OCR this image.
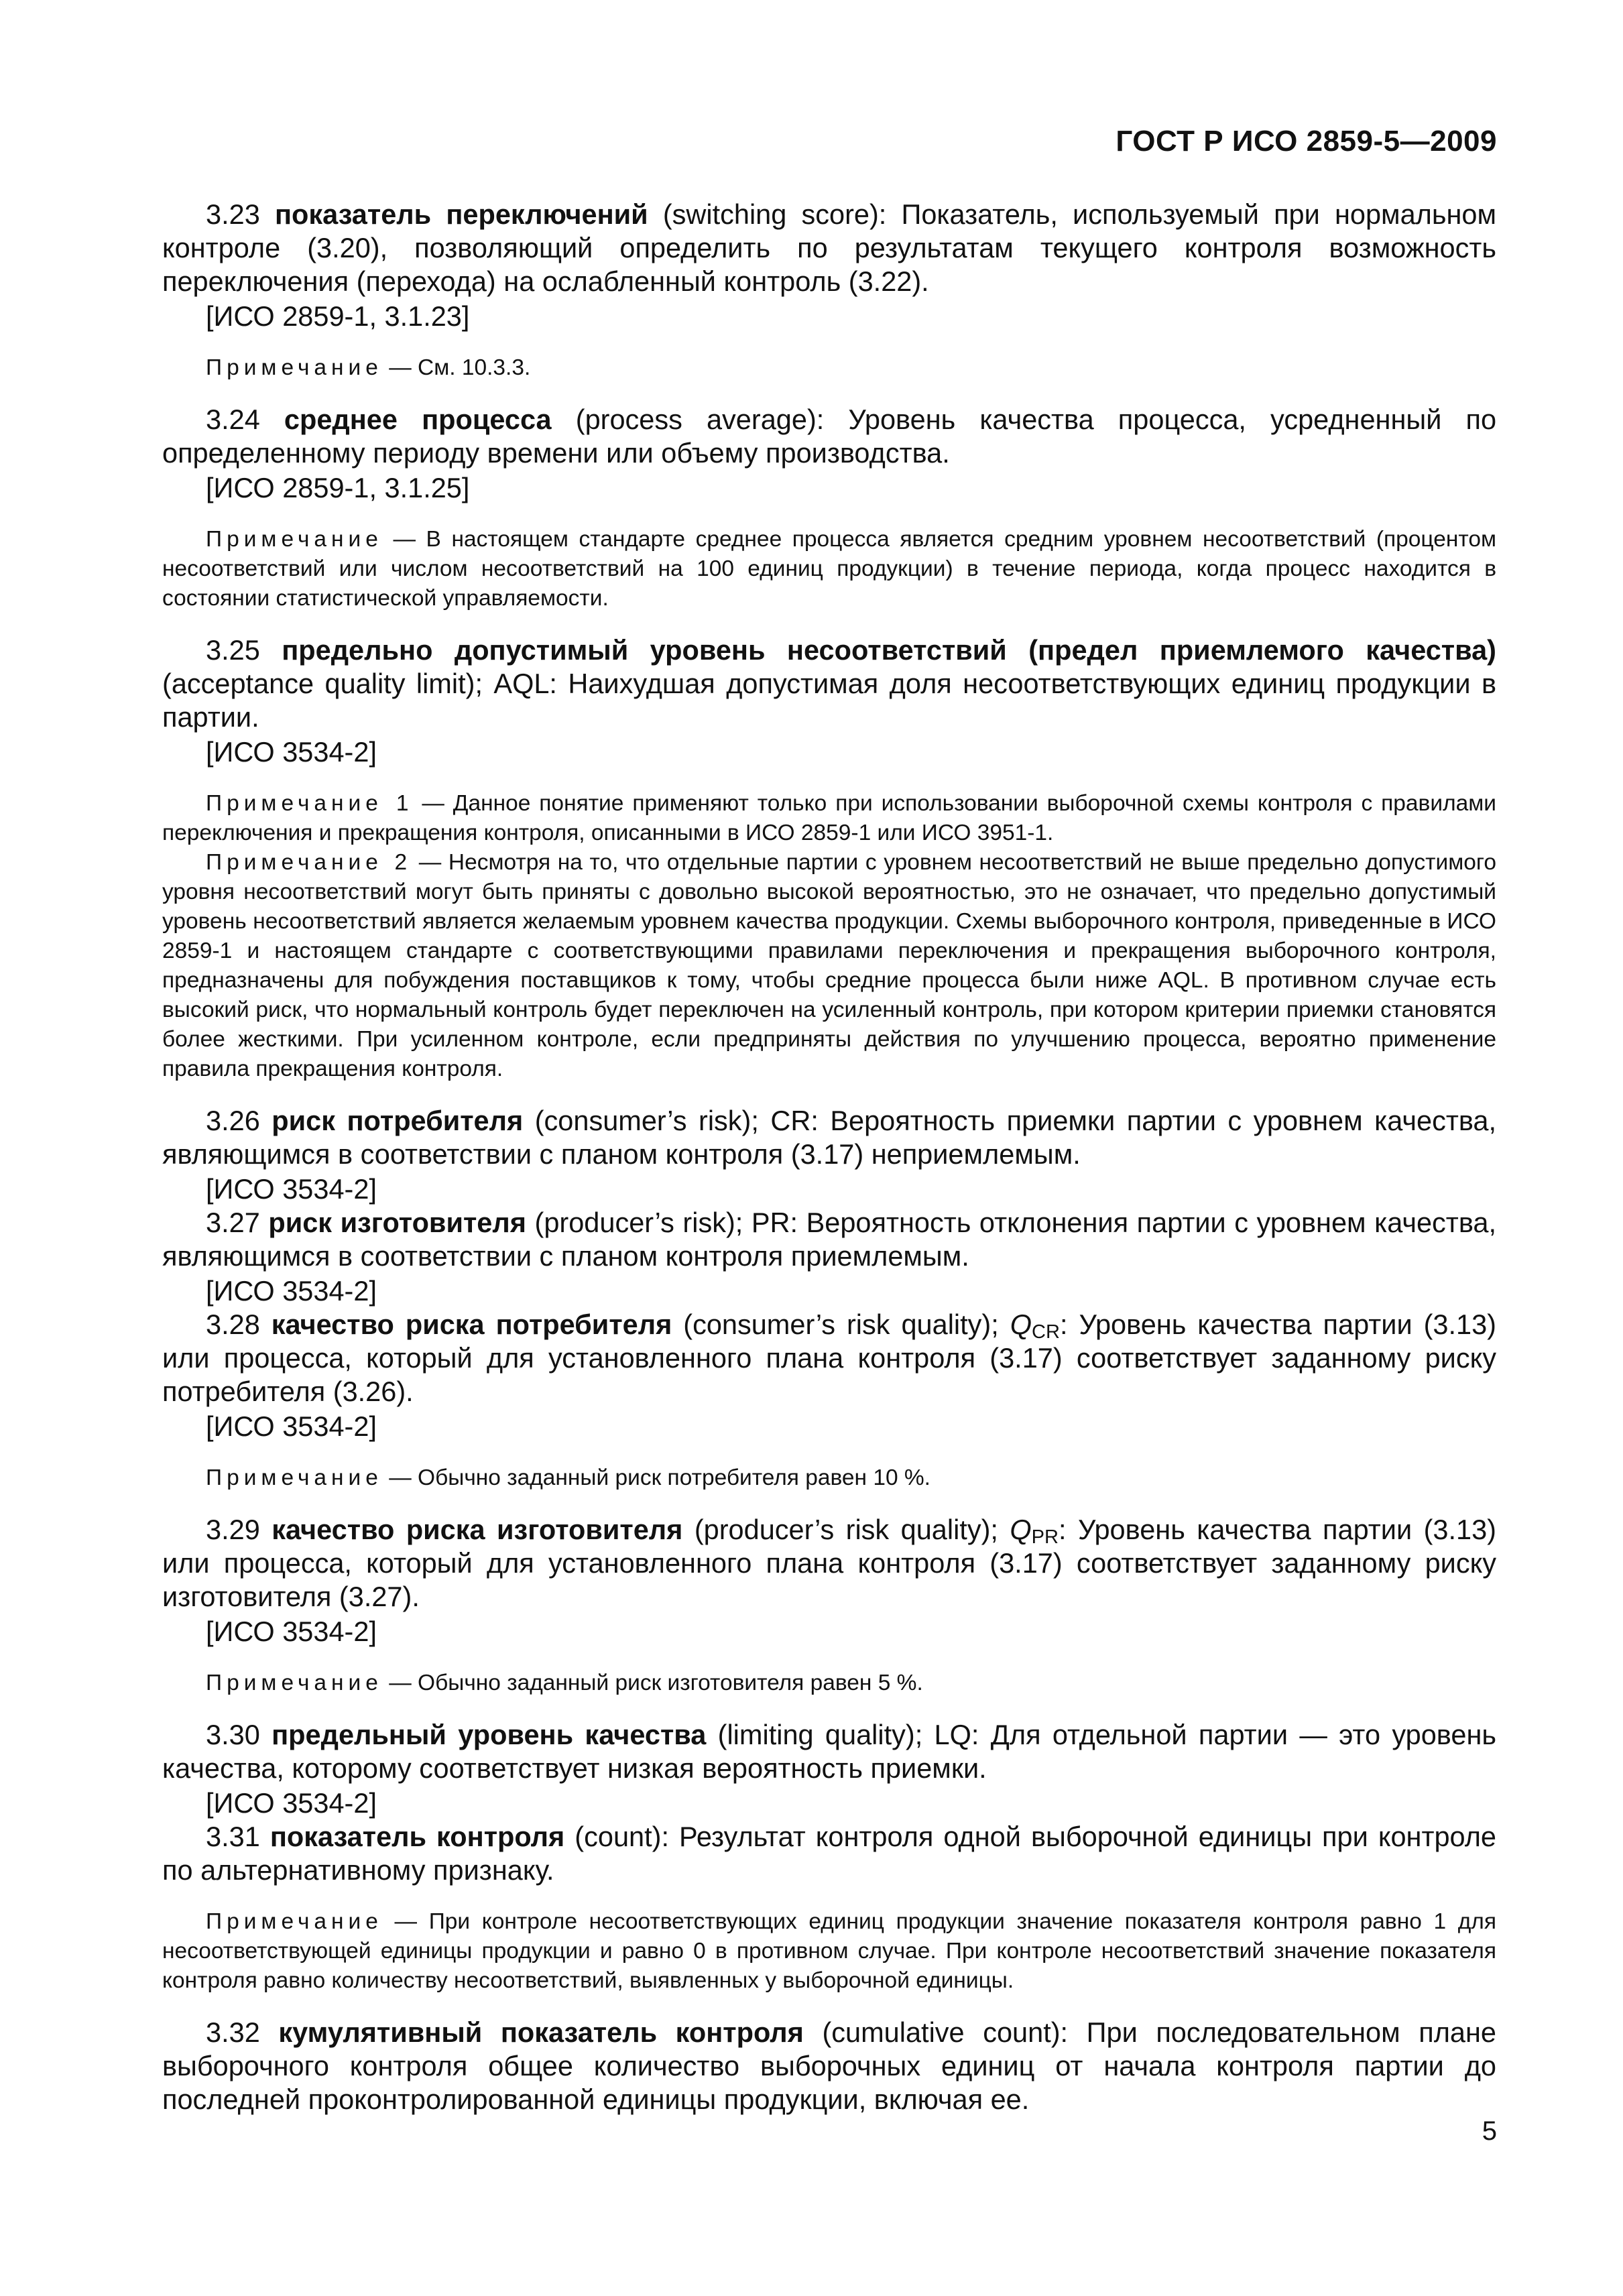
ГОСТ Р ИСО 2859-5—2009

3.23 показатель переключений (switching score): Показатель, используемый при нормальном контроле (3.20), позволяющий определить по результатам текущего контроля возможность переключения (перехода) на ослабленный контроль (3.22).

[ИСО 2859-1, 3.1.23]

Примечание — См. 10.3.3.

3.24 среднее процесса (process average): Уровень качества процесса, усредненный по определенному периоду времени или объему производства.

[ИСО 2859-1, 3.1.25]

Примечание — В настоящем стандарте среднее процесса является средним уровнем несоответствий (процентом несоответствий или числом несоответствий на 100 единиц продукции) в течение периода, когда процесс находится в состоянии статистической управляемости.

3.25 предельно допустимый уровень несоответствий (предел приемлемого качества) (acceptance quality limit); AQL: Наихудшая допустимая доля несоответствующих единиц продукции в партии.

[ИСО 3534-2]

Примечание 1 — Данное понятие применяют только при использовании выборочной схемы контроля с правилами переключения и прекращения контроля, описанными в ИСО 2859-1 или ИСО 3951-1.

Примечание 2 — Несмотря на то, что отдельные партии с уровнем несоответствий не выше предельно допустимого уровня несоответствий могут быть приняты с довольно высокой вероятностью, это не означает, что предельно допустимый уровень несоответствий является желаемым уровнем качества продукции. Схемы выборочного контроля, приведенные в ИСО 2859-1 и настоящем стандарте с соответствующими правилами переключения и прекращения выборочного контроля, предназначены для побуждения поставщиков к тому, чтобы средние процесса были ниже AQL. В противном случае есть высокий риск, что нормальный контроль будет переключен на усиленный контроль, при котором критерии приемки становятся более жесткими. При усиленном контроле, если предприняты действия по улучшению процесса, вероятно применение правила прекращения контроля.

3.26 риск потребителя (consumer’s risk); CR: Вероятность приемки партии с уровнем качества, являющимся в соответствии с планом контроля (3.17) неприемлемым.

[ИСО 3534-2]

3.27 риск изготовителя (producer’s risk); PR: Вероятность отклонения партии с уровнем качества, являющимся в соответствии с планом контроля приемлемым.

[ИСО 3534-2]

3.28 качество риска потребителя (consumer’s risk quality); $Q_{CR}$: Уровень качества партии (3.13) или процесса, который для установленного плана контроля (3.17) соответствует заданному риску потребителя (3.26).

[ИСО 3534-2]

Примечание — Обычно заданный риск потребителя равен 10 %.

3.29 качество риска изготовителя (producer’s risk quality); $Q_{PR}$: Уровень качества партии (3.13) или процесса, который для установленного плана контроля (3.17) соответствует заданному риску изготовителя (3.27).

[ИСО 3534-2]

Примечание — Обычно заданный риск изготовителя равен 5 %.

3.30 предельный уровень качества (limiting quality); LQ: Для отдельной партии — это уровень качества, которому соответствует низкая вероятность приемки.

[ИСО 3534-2]

3.31 показатель контроля (count): Результат контроля одной выборочной единицы при контроле по альтернативному признаку.

Примечание — При контроле несоответствующих единиц продукции значение показателя контроля равно 1 для несоответствующей единицы продукции и равно 0 в противном случае. При контроле несоответствий значение показателя контроля равно количеству несоответствий, выявленных у выборочной единицы.

3.32 кумулятивный показатель контроля (cumulative count): При последовательном плане выборочного контроля общее количество выборочных единиц от начала контроля партии до последней проконтролированной единицы продукции, включая ее.

5
